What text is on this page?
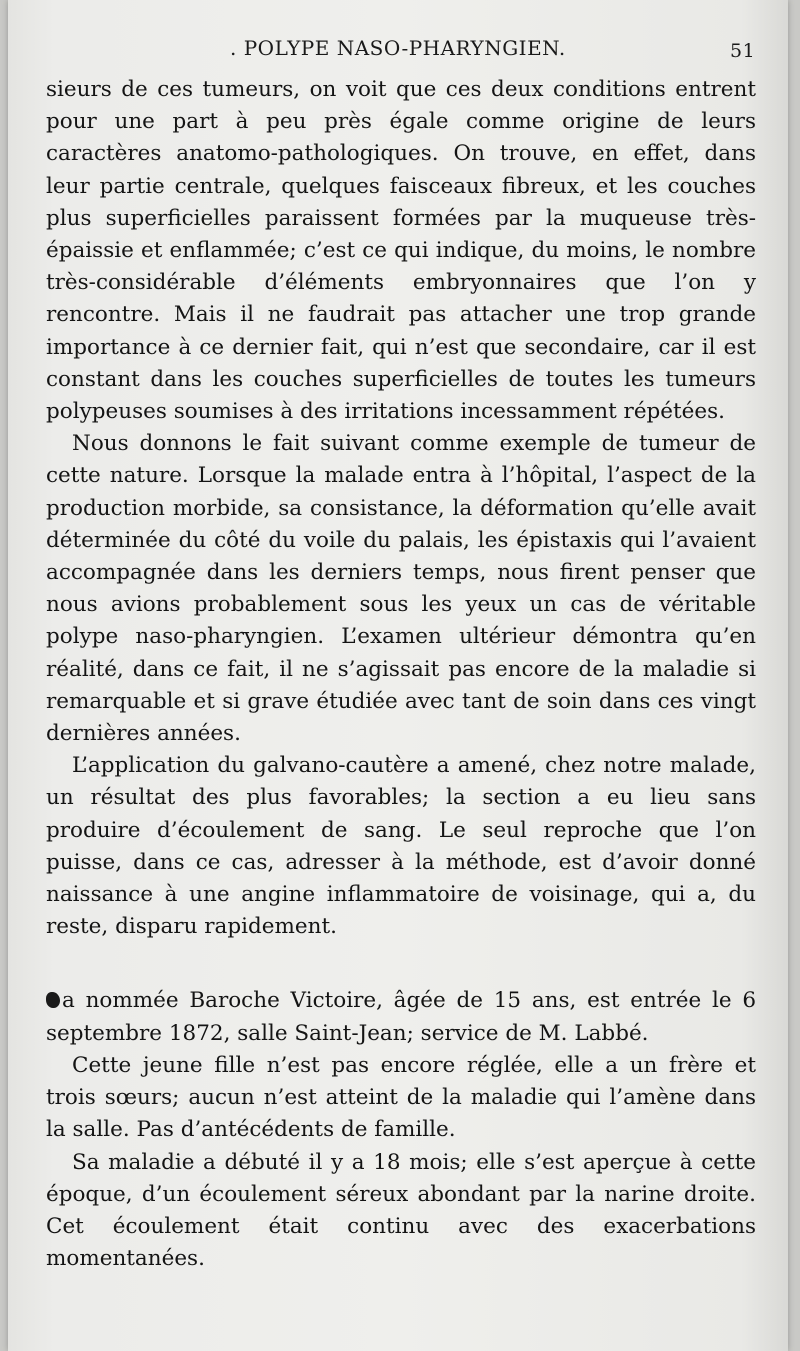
. POLYPE NASO-PHARYNGIEN.	51

sieurs de ces tumeurs, on voit que ces deux conditions entrent pour une part à peu près égale comme origine de leurs caractères anatomo-pathologiques. On trouve, en effet, dans leur partie centrale, quelques faisceaux fibreux, et les couches plus superficielles paraissent formées par la muqueuse très-épaissie et enflammée; c’est ce qui indique, du moins, le nombre très-considérable d’éléments embryonnaires que l’on y rencontre. Mais il ne faudrait pas attacher une trop grande importance à ce dernier fait, qui n’est que secondaire, car il est constant dans les couches superficielles de toutes les tumeurs polypeuses soumises à des irritations incessamment répétées.

Nous donnons le fait suivant comme exemple de tumeur de cette nature. Lorsque la malade entra à l’hôpital, l’aspect de la production morbide, sa consistance, la déformation qu’elle avait déterminée du côté du voile du palais, les épistaxis qui l’avaient accompagnée dans les derniers temps, nous firent penser que nous avions probablement sous les yeux un cas de véritable polype naso-pharyngien. L’examen ultérieur démontra qu’en réalité, dans ce fait, il ne s’agissait pas encore de la maladie si remarquable et si grave étudiée avec tant de soin dans ces vingt dernières années.

L’application du galvano-cautère a amené, chez notre malade, un résultat des plus favorables; la section a eu lieu sans produire d’écoulement de sang. Le seul reproche que l’on puisse, dans ce cas, adresser à la méthode, est d’avoir donné naissance à une angine inflammatoire de voisinage, qui a, du reste, disparu rapidement.

a nommée Baroche Victoire, âgée de 15 ans, est entrée le 6 septembre 1872, salle Saint-Jean; service de M. Labbé.

Cette jeune fille n’est pas encore réglée, elle a un frère et trois sœurs; aucun n’est atteint de la maladie qui l’amène dans la salle. Pas d’antécédents de famille.

Sa maladie a débuté il y a 18 mois; elle s’est aperçue à cette époque, d’un écoulement séreux abondant par la narine droite. Cet écoulement était continu avec des exacerbations momentanées.
